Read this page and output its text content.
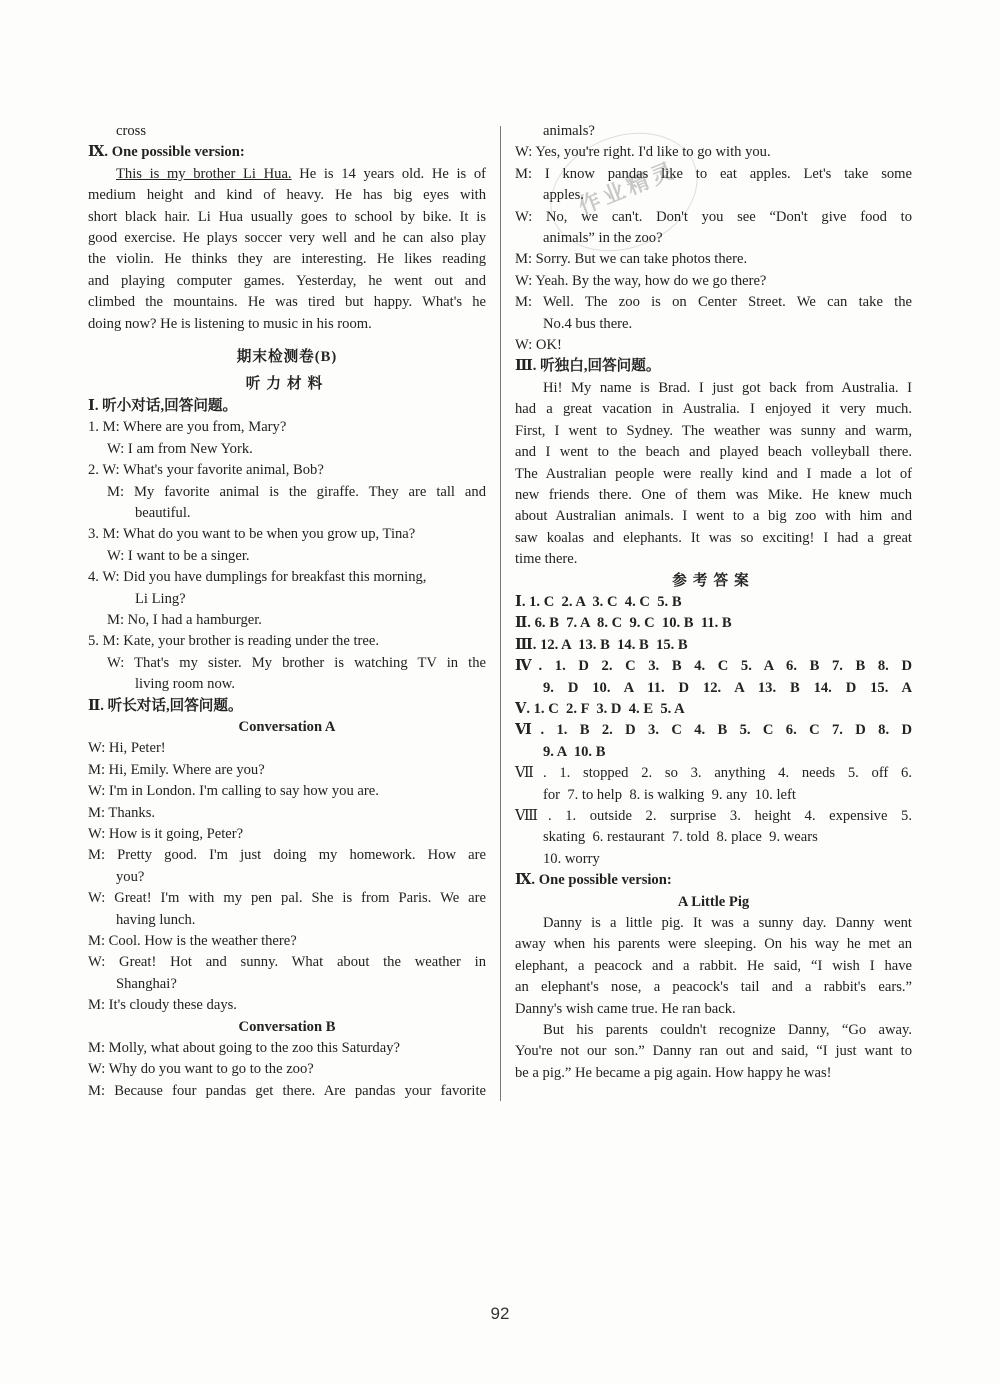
cross
Ⅸ. One possible version:
This is my brother Li Hua. He is 14 years old. He is of
medium height and kind of heavy. He has big eyes with
short black hair. Li Hua usually goes to school by bike. It is
good exercise. He plays soccer very well and he can also play
the violin. He thinks they are interesting. He likes reading
and playing computer games. Yesterday, he went out and
climbed the mountains. He was tired but happy. What's he
doing now? He is listening to music in his room.
期末检测卷(B)
听力材料
Ⅰ. 听小对话,回答问题。
1. M: Where are you from, Mary?
W: I am from New York.
2. W: What's your favorite animal, Bob?
M: My favorite animal is the giraffe. They are tall and
beautiful.
3. M: What do you want to be when you grow up, Tina?
W: I want to be a singer.
4. W: Did you have dumplings for breakfast this morning,
Li Ling?
M: No, I had a hamburger.
5. M: Kate, your brother is reading under the tree.
W: That's my sister. My brother is watching TV in the
living room now.
Ⅱ. 听长对话,回答问题。
Conversation A
W: Hi, Peter!
M: Hi, Emily. Where are you?
W: I'm in London. I'm calling to say how you are.
M: Thanks.
W: How is it going, Peter?
M: Pretty good. I'm just doing my homework. How are
you?
W: Great! I'm with my pen pal. She is from Paris. We are
having lunch.
M: Cool. How is the weather there?
W: Great! Hot and sunny. What about the weather in
Shanghai?
M: It's cloudy these days.
Conversation B
M: Molly, what about going to the zoo this Saturday?
W: Why do you want to go to the zoo?
M: Because four pandas get there. Are pandas your favorite
作业精灵
animals?
W: Yes, you're right. I'd like to go with you.
M: I know pandas like to eat apples. Let's take some
apples.
W: No, we can't. Don't you see “Don't give food to
animals” in the zoo?
M: Sorry. But we can take photos there.
W: Yeah. By the way, how do we go there?
M: Well. The zoo is on Center Street. We can take the
No.4 bus there.
W: OK!
Ⅲ. 听独白,回答问题。
Hi! My name is Brad. I just got back from Australia. I
had a great vacation in Australia. I enjoyed it very much.
First, I went to Sydney. The weather was sunny and warm,
and I went to the beach and played beach volleyball there.
The Australian people were really kind and I made a lot of
new friends there. One of them was Mike. He knew much
about Australian animals. I went to a big zoo with him and
saw koalas and elephants. It was so exciting! I had a great
time there.
参考答案
Ⅰ. 1. C  2. A  3. C  4. C  5. B
Ⅱ. 6. B  7. A  8. C  9. C  10. B  11. B
Ⅲ. 12. A  13. B  14. B  15. B
Ⅳ. 1. D 2. C 3. B 4. C 5. A 6. B 7. B 8. D
9. D 10. A 11. D 12. A 13. B 14. D 15. A
Ⅴ. 1. C  2. F  3. D  4. E  5. A
Ⅵ. 1. B 2. D 3. C 4. B 5. C 6. C 7. D 8. D
9. A  10. B
Ⅶ. 1. stopped 2. so 3. anything 4. needs 5. off 6.
for  7. to help  8. is walking  9. any  10. left
Ⅷ. 1. outside 2. surprise 3. height 4. expensive 5.
skating  6. restaurant  7. told  8. place  9. wears
10. worry
Ⅸ. One possible version:
A Little Pig
Danny is a little pig. It was a sunny day. Danny went
away when his parents were sleeping. On his way he met an
elephant, a peacock and a rabbit. He said, “I wish I have
an elephant's nose, a peacock's tail and a rabbit's ears.”
Danny's wish came true. He ran back.
But his parents couldn't recognize Danny, “Go away.
You're not our son.” Danny ran out and said, “I just want to
be a pig.” He became a pig again. How happy he was!
92
